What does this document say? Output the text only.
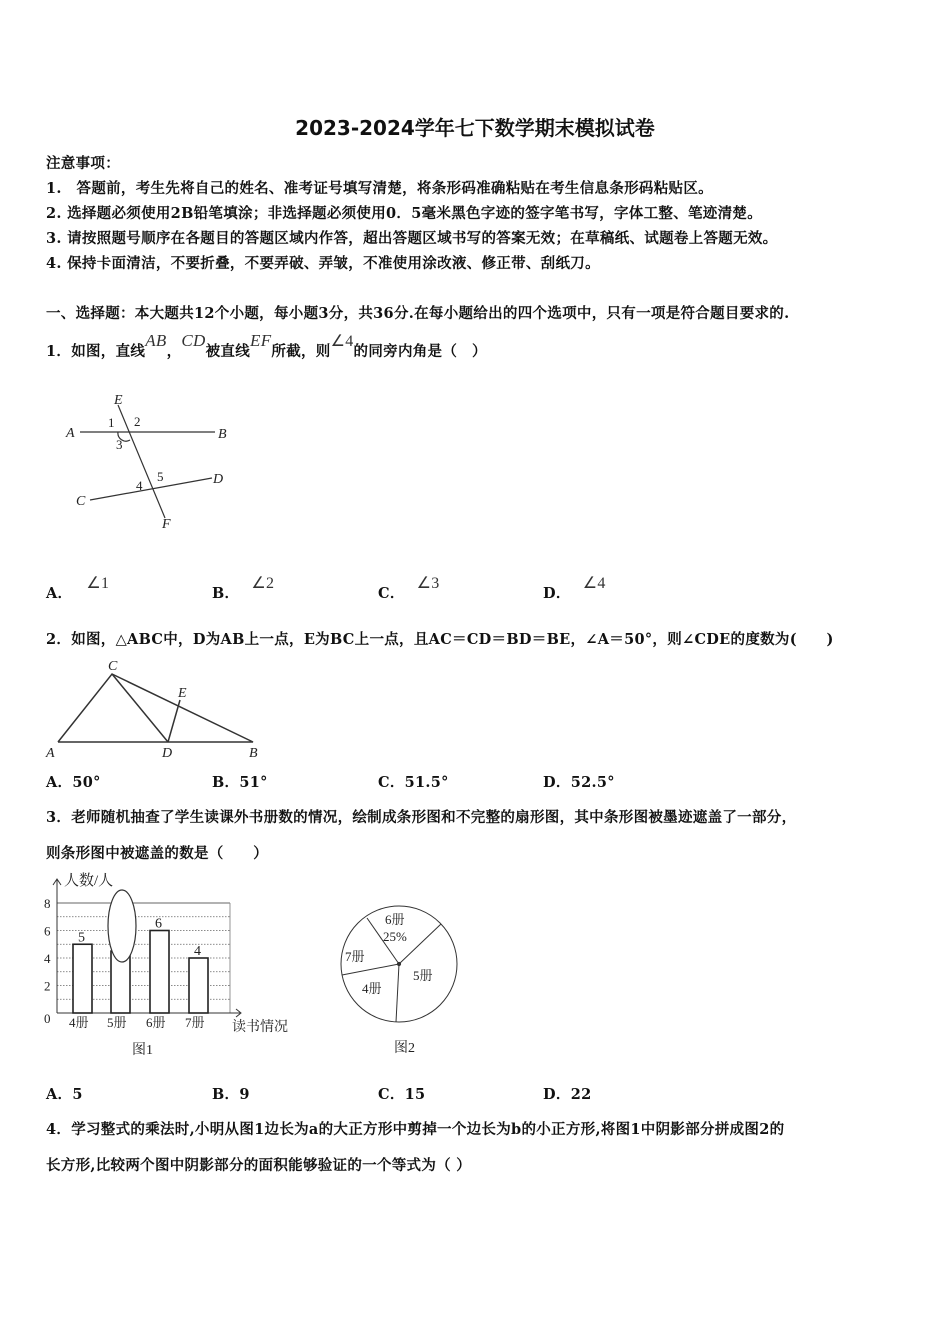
2023-2024学年七下数学期末模拟试卷
注意事项：
1.　答题前，考生先将自己的姓名、准考证号填写清楚，将条形码准确粘贴在考生信息条形码粘贴区。
2. 选择题必须使用2B铅笔填涂；非选择题必须使用0．5毫米黑色字迹的签字笔书写，字体工整、笔迹清楚。
3. 请按照题号顺序在各题目的答题区域内作答，超出答题区域书写的答案无效；在草稿纸、试题卷上答题无效。
4. 保持卡面清洁，不要折叠，不要弄破、弄皱，不准使用涂改液、修正带、刮纸刀。
一、选择题：本大题共12个小题，每小题3分，共36分.在每小题给出的四个选项中，只有一项是符合题目要求的.
1．如图，直线AB，CD被直线EF所截，则∠4的同旁内角是（　）
E
A	B
C
D
F
1 2
3
4
5
C
E
A	D	B
人数/人
读书情况
图1
0
2
4
6
8
4册 5册 6册 7册
5
6
4
6册
25%
7册
4册
5册
图2
A．∠1
B．∠2
C．∠3
D．∠4
2．如图，△ABC中，D为AB上一点，E为BC上一点，且AC＝CD＝BD＝BE，∠A＝50°，则∠CDE的度数为(　　)
A．50°	B．51°	C．51.5°	D．52.5°
3．老师随机抽查了学生读课外书册数的情况，绘制成条形图和不完整的扇形图，其中条形图被墨迹遮盖了一部分，
则条形图中被遮盖的数是（　　）
A．5	B．9	C．15	D．22
4．学习整式的乘法时,小明从图1边长为a的大正方形中剪掉一个边长为b的小正方形,将图1中阴影部分拼成图2的
长方形,比较两个图中阴影部分的面积能够验证的一个等式为（ ）
